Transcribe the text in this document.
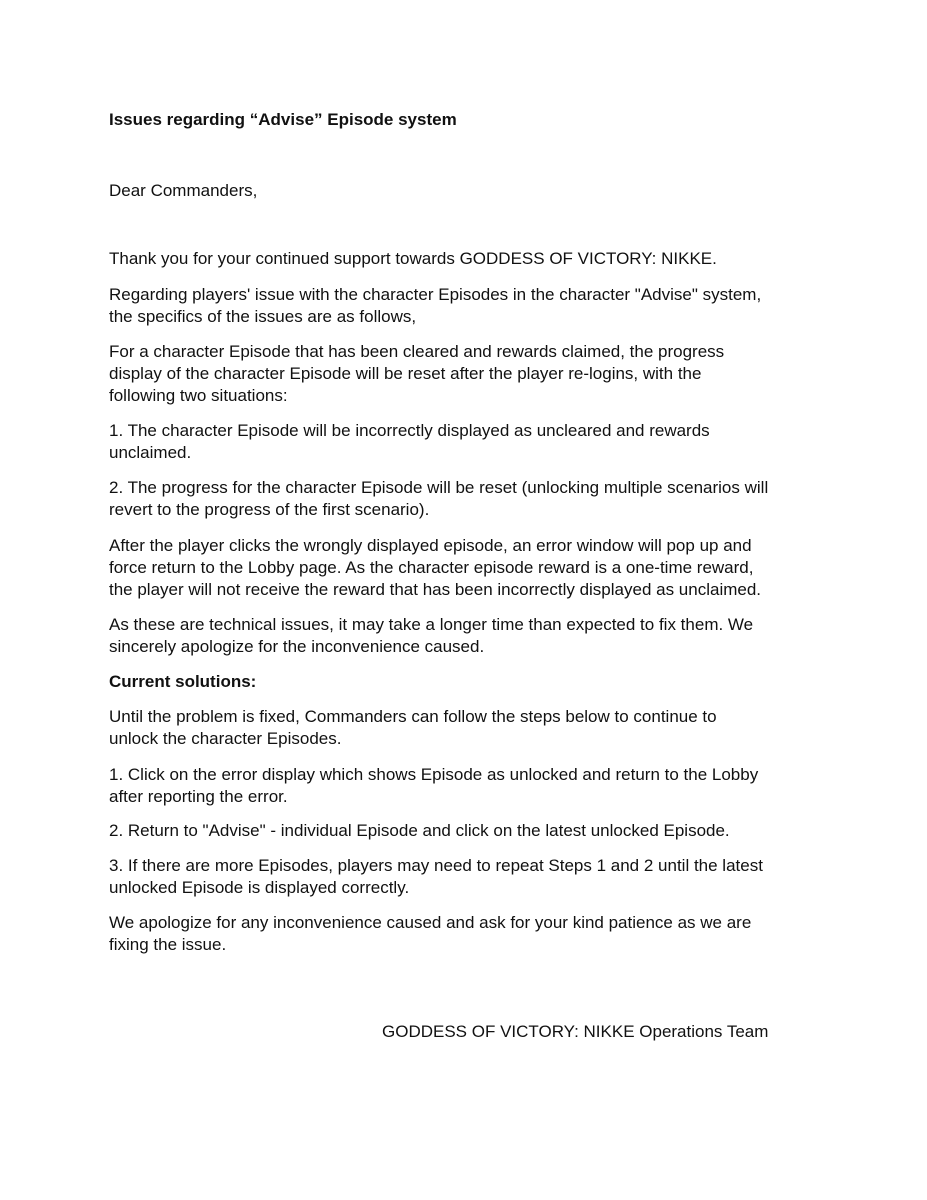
Issues regarding “Advise” Episode system

Dear Commanders,

Thank you for your continued support towards GODDESS OF VICTORY: NIKKE.

Regarding players' issue with the character Episodes in the character "Advise" system,

the specifics of the issues are as follows,

For a character Episode that has been cleared and rewards claimed, the progress

display of the character Episode will be reset after the player re-logins, with the

following two situations:

1. The character Episode will be incorrectly displayed as uncleared and rewards

unclaimed.

2. The progress for the character Episode will be reset (unlocking multiple scenarios will

revert to the progress of the first scenario).

After the player clicks the wrongly displayed episode, an error window will pop up and

force return to the Lobby page. As the character episode reward is a one-time reward,

the player will not receive the reward that has been incorrectly displayed as unclaimed.

As these are technical issues, it may take a longer time than expected to fix them. We

sincerely apologize for the inconvenience caused.

Current solutions:

Until the problem is fixed, Commanders can follow the steps below to continue to

unlock the character Episodes.

1. Click on the error display which shows Episode as unlocked and return to the Lobby

after reporting the error.

2. Return to "Advise" - individual Episode and click on the latest unlocked Episode.

3. If there are more Episodes, players may need to repeat Steps 1 and 2 until the latest

unlocked Episode is displayed correctly.

We apologize for any inconvenience caused and ask for your kind patience as we are

fixing the issue.

GODDESS OF VICTORY: NIKKE Operations Team
